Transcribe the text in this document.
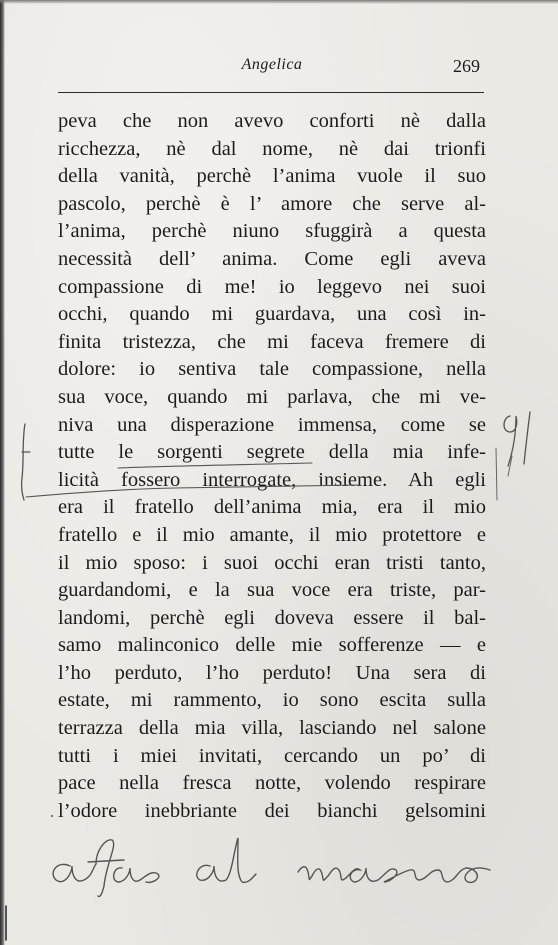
Angelica	269
peva che non avevo conforti nè dalla
ricchezza, nè dal nome, nè dai trionfi
della vanità, perchè l’anima vuole il suo
pascolo, perchè è l’ amore che serve al-
l’anima, perchè niuno sfuggirà a questa
necessità dell’ anima. Come egli aveva
compassione di me! io leggevo nei suoi
occhi, quando mi guardava, una così in-
finita tristezza, che mi faceva fremere di
dolore: io sentiva tale compassione, nella
sua voce, quando mi parlava, che mi ve-
niva una disperazione immensa, come se
tutte le sorgenti segrete della mia infe-
licità fossero interrogate, insieme. Ah egli
era il fratello dell’anima mia, era il mio
fratello e il mio amante, il mio protettore e
il mio sposo: i suoi occhi eran tristi tanto,
guardandomi, e la sua voce era triste, par-
landomi, perchè egli doveva essere il bal-
samo malinconico delle mie sofferenze — e
l’ho perduto, l’ho perduto! Una sera di
estate, mi rammento, io sono escita sulla
terrazza della mia villa, lasciando nel salone
tutti i miei invitati, cercando un po’ di
pace nella fresca notte, volendo respirare
l’odore inebbriante dei bianchi gelsomini
